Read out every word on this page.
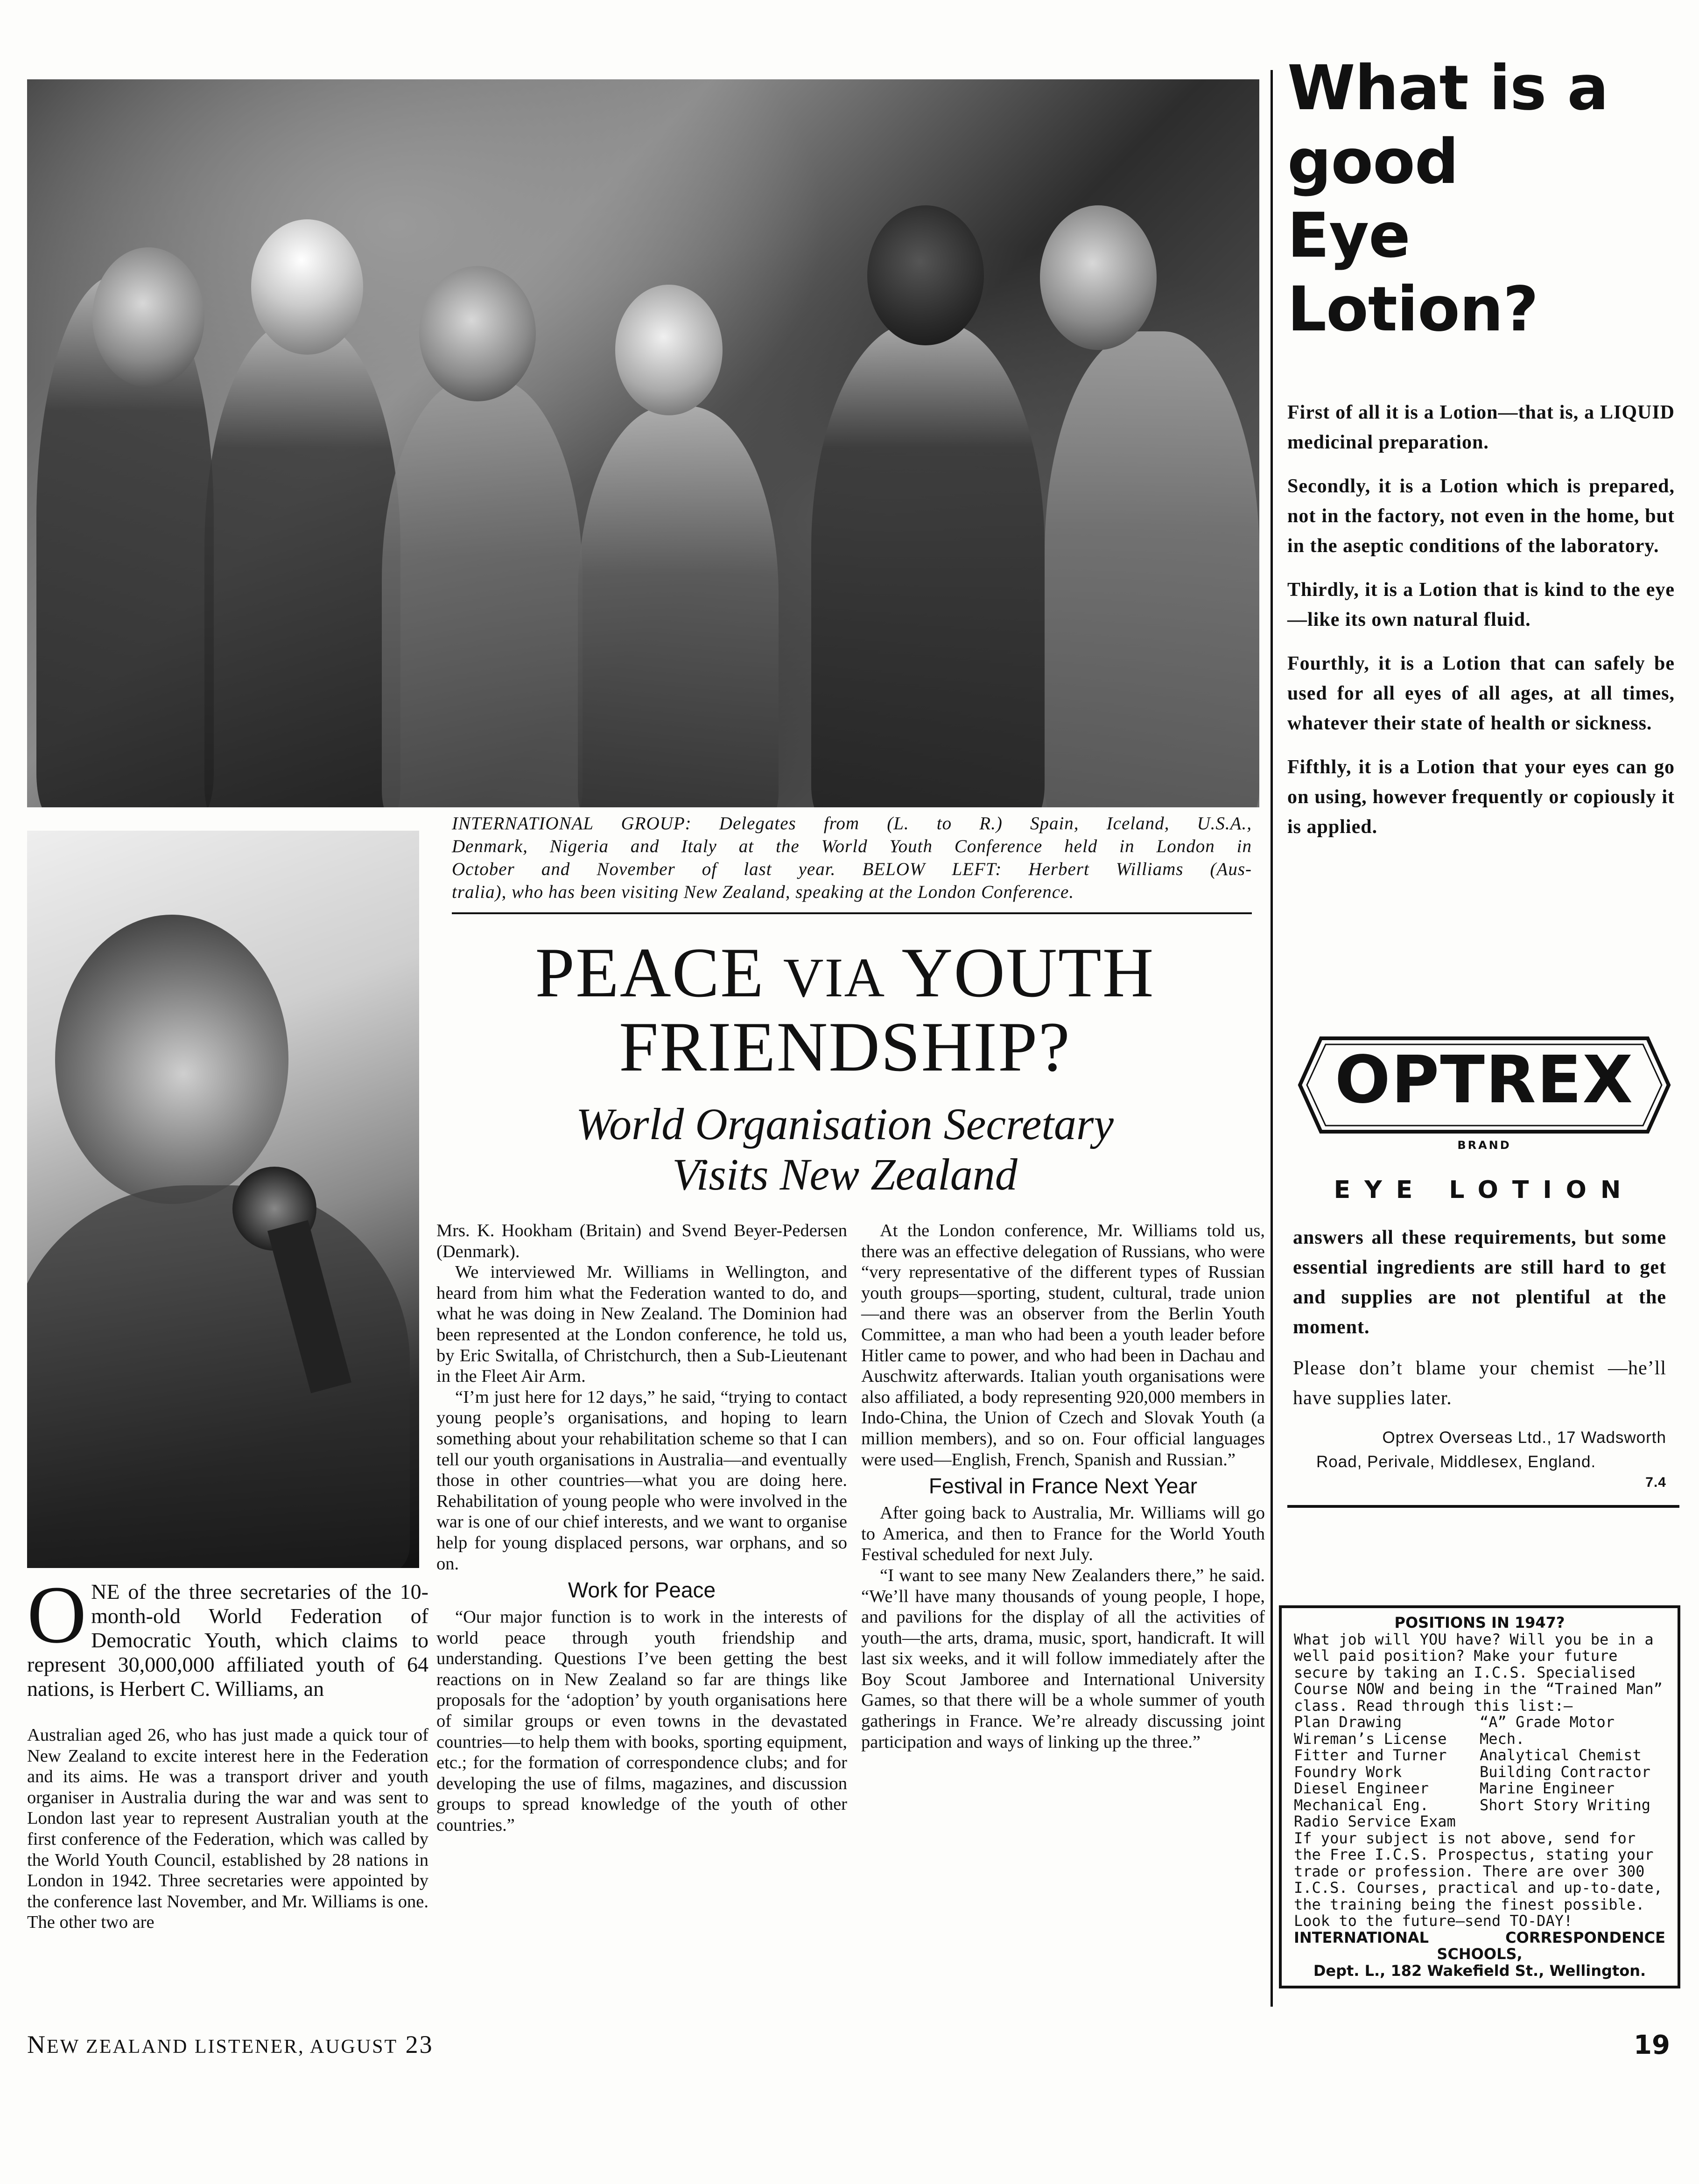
INTERNATIONAL GROUP: Delegates from (L. to R.) Spain, Iceland, U.S.A.,
Denmark, Nigeria and Italy at the World Youth Conference held in London in
October and November of last year. BELOW LEFT: Herbert Williams (Aus-
tralia), who has been visiting New Zealand, speaking at the London Conference.
PEACE VIA YOUTH
FRIENDSHIP?
World Organisation Secretary
Visits New Zealand
ONE of the three secretaries of the 10-month-old World Federation of Democratic Youth, which claims to represent 30,000,000 affiliated youth of 64 nations, is Herbert C. Williams, an

Australian aged 26, who has just made a quick tour of New Zealand to excite interest here in the Federation and its aims. He was a transport driver and youth organiser in Australia during the war and was sent to London last year to represent Australian youth at the first conference of the Federation, which was called by the World Youth Council, established by 28 nations in London in 1942. Three secretaries were appointed by the conference last November, and Mr. Williams is one. The other two are

Mrs. K. Hookham (Britain) and Svend Beyer-Pedersen (Denmark).

We interviewed Mr. Williams in Wellington, and heard from him what the Federation wanted to do, and what he was doing in New Zealand. The Dominion had been represented at the London conference, he told us, by Eric Switalla, of Christchurch, then a Sub-Lieutenant in the Fleet Air Arm.

“I’m just here for 12 days,” he said, “trying to contact young people’s organisations, and hoping to learn something about your rehabilitation scheme so that I can tell our youth organisations in Australia—and eventually those in other countries—what you are doing here. Rehabilitation of young people who were involved in the war is one of our chief interests, and we want to organise help for young displaced persons, war orphans, and so on.

Work for Peace

“Our major function is to work in the interests of world peace through youth friendship and understanding. Questions I’ve been getting the best reactions on in New Zealand so far are things like proposals for the ‘adoption’ by youth organisations here of similar groups or even towns in the devastated countries—to help them with books, sporting equipment, etc.; for the formation of correspondence clubs; and for developing the use of films, magazines, and discussion groups to spread knowledge of the youth of other countries.”

At the London conference, Mr. Williams told us, there was an effective delegation of Russians, who were “very representative of the different types of Russian youth groups—sporting, student, cultural, trade union—and there was an observer from the Berlin Youth Committee, a man who had been a youth leader before Hitler came to power, and who had been in Dachau and Auschwitz afterwards. Italian youth organisations were also affiliated, a body representing 920,000 members in Indo-China, the Union of Czech and Slovak Youth (a million members), and so on. Four official languages were used—English, French, Spanish and Russian.”

Festival in France Next Year

After going back to Australia, Mr. Williams will go to America, and then to France for the World Youth Festival scheduled for next July.

“I want to see many New Zealanders there,” he said. “We’ll have many thousands of young people, I hope, and pavilions for the display of all the activities of youth—the arts, drama, music, sport, handicraft. It will last six weeks, and it will follow immediately after the Boy Scout Jamboree and International University Games, so that there will be a whole summer of youth gatherings in France. We’re already discussing joint participation and ways of linking up the three.”

What is a
good
Eye Lotion?

First of all it is a Lotion—that is, a LIQUID medicinal preparation.

Secondly, it is a Lotion which is prepared, not in the factory, not even in the home, but in the aseptic conditions of the laboratory.

Thirdly, it is a Lotion that is kind to the eye—like its own natural fluid.

Fourthly, it is a Lotion that can safely be used for all eyes of all ages, at all times, whatever their state of health or sickness.

Fifthly, it is a Lotion that your eyes can go on using, however frequently or copiously it is applied.

OPTREX
BRAND
EYE LOTION
answers all these requirements, but some essential ingredients are still hard to get and supplies are not plentiful at the moment.
Please don’t blame your chemist —he’ll have supplies later.
Optrex Overseas Ltd., 17 Wadsworth
Road, Perivale, Middlesex, England.
7.4
POSITIONS IN 1947?
What job will YOU have? Will you be in a well paid position? Make your future secure by taking an I.C.S. Specialised Course NOW and being in the “Trained Man” class. Read through this list:—
Plan Drawing	“A” Grade Motor
Wireman’s License	Mech.
Fitter and Turner	Analytical Chemist
Foundry Work	Building Contractor
Diesel Engineer	Marine Engineer
Mechanical Eng.	Short Story Writing
Radio Service Exam
If your subject is not above, send for the Free I.C.S. Prospectus, stating your trade or profession. There are over 300 I.C.S. Courses, practical and up-to-date, the training being the finest possible. Look to the future—send TO-DAY!
INTERNATIONAL CORRESPONDENCE
SCHOOLS,
Dept. L., 182 Wakefield St., Wellington.
NEW ZEALAND LISTENER, AUGUST 23	19
